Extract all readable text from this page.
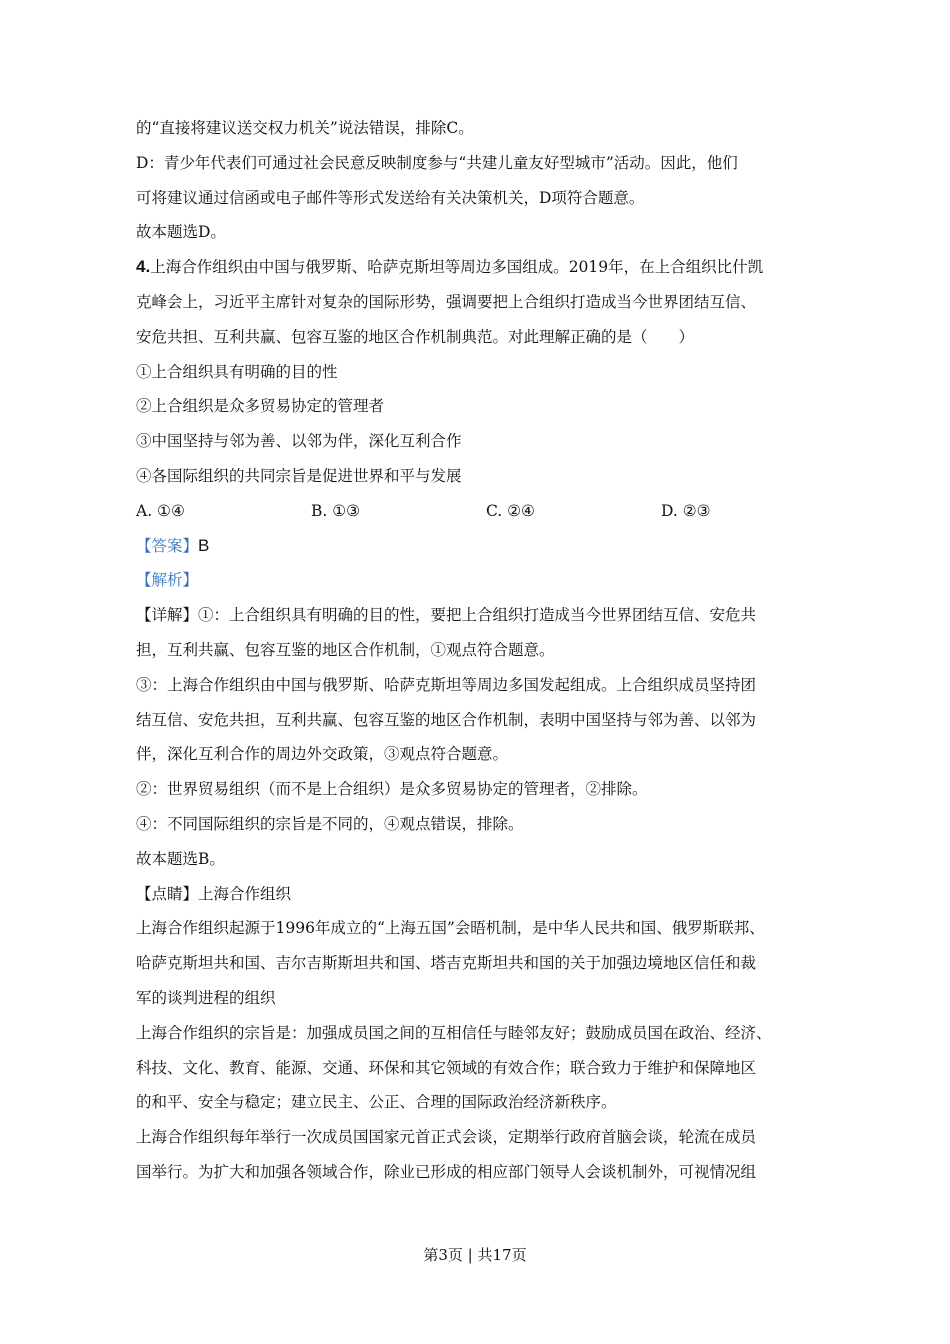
的“直接将建议送交权力机关”说法错误，排除C。
D：青少年代表们可通过社会民意反映制度参与“共建儿童友好型城市”活动。因此，他们
可将建议通过信函或电子邮件等形式发送给有关决策机关，D项符合题意。
故本题选D。
4.上海合作组织由中国与俄罗斯、哈萨克斯坦等周边多国组成。2019年，在上合组织比什凯
克峰会上，习近平主席针对复杂的国际形势，强调要把上合组织打造成当今世界团结互信、
安危共担、互利共赢、包容互鉴的地区合作机制典范。对此理解正确的是（　　）
①上合组织具有明确的目的性
②上合组织是众多贸易协定的管理者
③中国坚持与邻为善、以邻为伴，深化互利合作
④各国际组织的共同宗旨是促进世界和平与发展
A. ①④	B. ①③	C. ②④	D. ②③
【答案】B
【解析】
【详解】①：上合组织具有明确的目的性，要把上合组织打造成当今世界团结互信、安危共
担，互利共赢、包容互鉴的地区合作机制，①观点符合题意。
③：上海合作组织由中国与俄罗斯、哈萨克斯坦等周边多国发起组成。上合组织成员坚持团
结互信、安危共担，互利共赢、包容互鉴的地区合作机制，表明中国坚持与邻为善、以邻为
伴，深化互利合作的周边外交政策，③观点符合题意。
②：世界贸易组织（而不是上合组织）是众多贸易协定的管理者，②排除。
④：不同国际组织的宗旨是不同的，④观点错误，排除。
故本题选B。
【点睛】上海合作组织
上海合作组织起源于1996年成立的“上海五国”会晤机制，是中华人民共和国、俄罗斯联邦、
哈萨克斯坦共和国、吉尔吉斯斯坦共和国、塔吉克斯坦共和国的关于加强边境地区信任和裁
军的谈判进程的组织
上海合作组织的宗旨是：加强成员国之间的互相信任与睦邻友好；鼓励成员国在政治、经济、
科技、文化、教育、能源、交通、环保和其它领域的有效合作；联合致力于维护和保障地区
的和平、安全与稳定；建立民主、公正、合理的国际政治经济新秩序。
上海合作组织每年举行一次成员国国家元首正式会谈，定期举行政府首脑会谈，轮流在成员
国举行。为扩大和加强各领域合作，除业已形成的相应部门领导人会谈机制外，可视情况组
第3页 | 共17页
